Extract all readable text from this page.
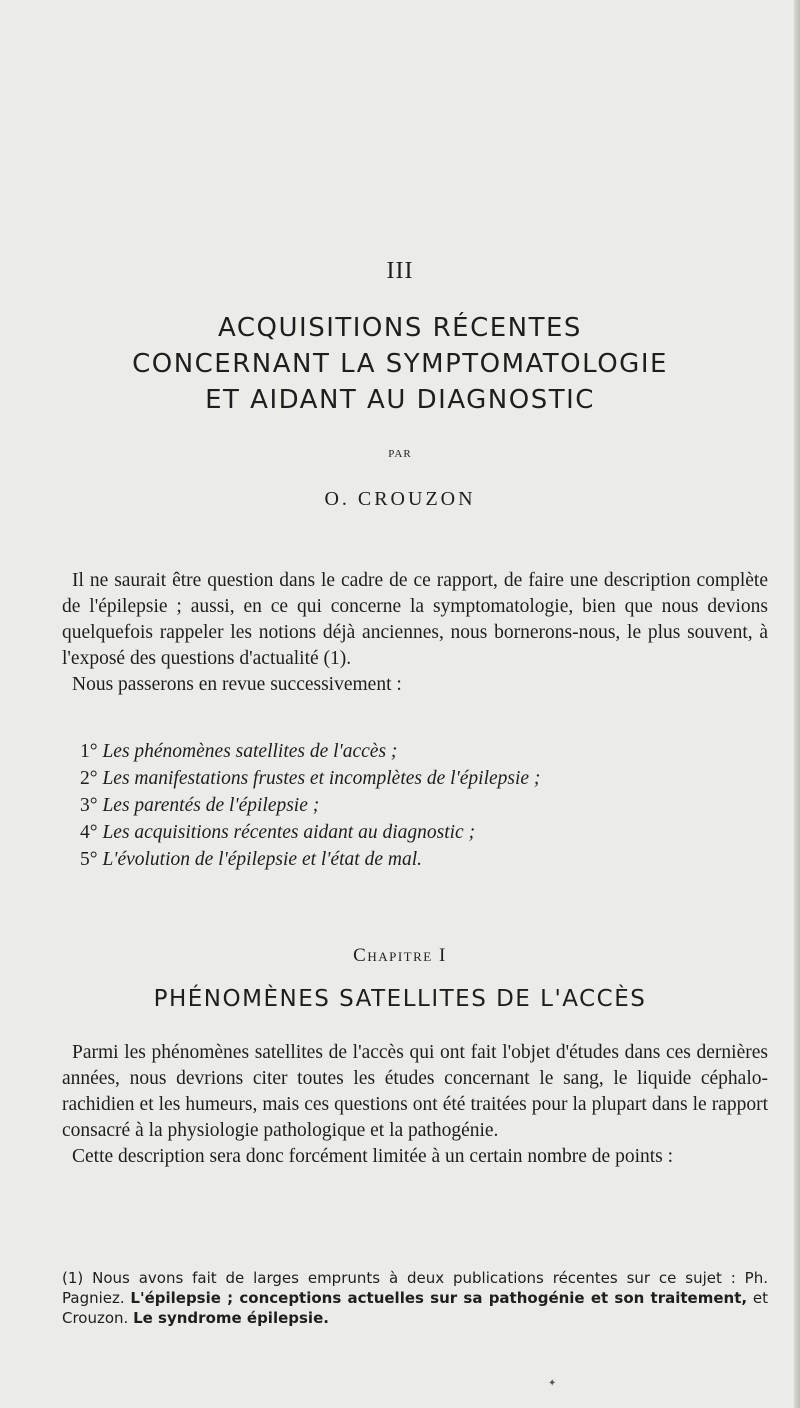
III
ACQUISITIONS RÉCENTES
CONCERNANT LA SYMPTOMATOLOGIE
ET AIDANT AU DIAGNOSTIC
PAR
O. CROUZON

Il ne saurait être question dans le cadre de ce rapport, de faire une description complète de l'épilepsie ; aussi, en ce qui concerne la symptomatologie, bien que nous devions quelquefois rappeler les notions déjà anciennes, nous bornerons-nous, le plus souvent, à l'exposé des questions d'actualité (1).

Nous passerons en revue successivement :

1° Les phénomènes satellites de l'accès ;
2° Les manifestations frustes et incomplètes de l'épilepsie ;
3° Les parentés de l'épilepsie ;
4° Les acquisitions récentes aidant au diagnostic ;
5° L'évolution de l'épilepsie et l'état de mal.
Chapitre I
PHÉNOMÈNES SATELLITES DE L'ACCÈS

Parmi les phénomènes satellites de l'accès qui ont fait l'objet d'études dans ces dernières années, nous devrions citer toutes les études concernant le sang, le liquide céphalo-rachidien et les humeurs, mais ces questions ont été traitées pour la plupart dans le rapport consacré à la physiologie pathologique et la pathogénie.

Cette description sera donc forcément limitée à un certain nombre de points :

(1) Nous avons fait de larges emprunts à deux publications récentes sur ce sujet : Ph. Pagniez. L'épilepsie ; conceptions actuelles sur sa pathogénie et son traitement, et Crouzon. Le syndrome épilepsie.

✦
